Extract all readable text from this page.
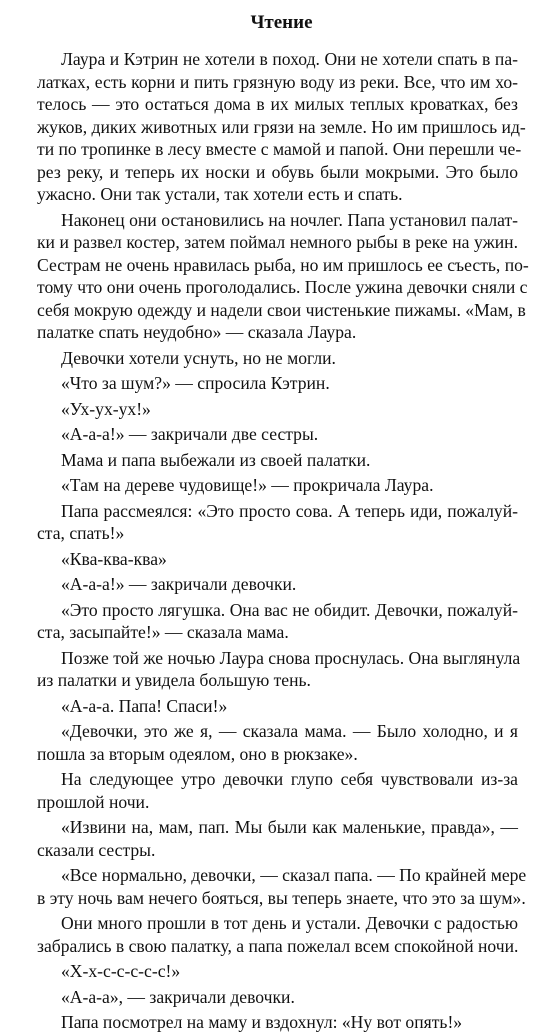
Чтение
Лаура и Кэтрин не хотели в поход. Они не хотели спать в па-
латках, есть корни и пить грязную воду из реки. Все, что им хо-
телось — это остаться дома в их милых теплых кроватках, без
жуков, диких животных или грязи на земле. Но им пришлось ид-
ти по тропинке в лесу вместе с мамой и папой. Они перешли че-
рез реку, и теперь их носки и обувь были мокрыми. Это было
ужасно. Они так устали, так хотели есть и спать.
Наконец они остановились на ночлег. Папа установил палат-
ки и развел костер, затем поймал немного рыбы в реке на ужин.
Сестрам не очень нравилась рыба, но им пришлось ее съесть, по-
тому что они очень проголодались. После ужина девочки сняли с
себя мокрую одежду и надели свои чистенькие пижамы. «Мам, в
палатке спать неудобно» — сказала Лаура.
Девочки хотели уснуть, но не могли.
«Что за шум?» — спросила Кэтрин.
«Ух-ух-ух!»
«А-а-а!» — закричали две сестры.
Мама и папа выбежали из своей палатки.
«Там на дереве чудовище!» — прокричала Лаура.
Папа рассмеялся: «Это просто сова. А теперь иди, пожалуй-
ста, спать!»
«Ква-ква-ква»
«А-а-а!» — закричали девочки.
«Это просто лягушка. Она вас не обидит. Девочки, пожалуй-
ста, засыпайте!» — сказала мама.
Позже той же ночью Лаура снова проснулась. Она выглянула
из палатки и увидела большую тень.
«А-а-а. Папа! Спаси!»
«Девочки, это же я, — сказала мама. — Было холодно, и я
пошла за вторым одеялом, оно в рюкзаке».
На следующее утро девочки глупо себя чувствовали из-за
прошлой ночи.
«Извини на, мам, пап. Мы были как маленькие, правда», —
сказали сестры.
«Все нормально, девочки, — сказал папа. — По крайней мере
в эту ночь вам нечего бояться, вы теперь знаете, что это за шум».
Они много прошли в тот день и устали. Девочки с радостью
забрались в свою палатку, а папа пожелал всем спокойной ночи.
«Х-х-с-с-с-с-с!»
«А-а-а», — закричали девочки.
Папа посмотрел на маму и вздохнул: «Ну вот опять!»
